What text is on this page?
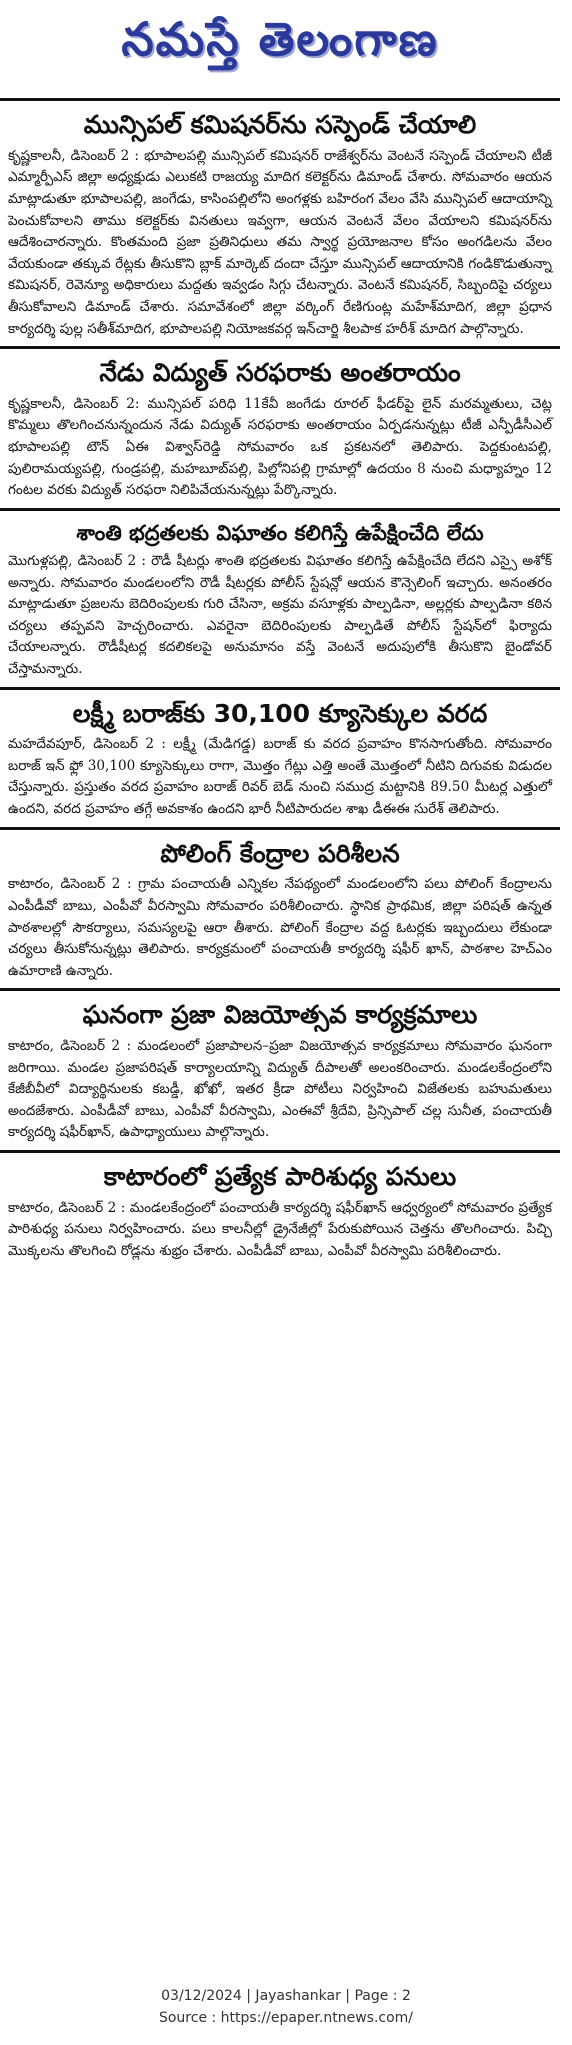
నమస్తే తెలంగాణ
మున్సిపల్ కమిషనర్‌ను సస్పెండ్ చేయాలి

కృష్ణకాలనీ, డిసెంబర్ 2 : భూపాలపల్లి మున్సిపల్ కమిషనర్ రాజేశ్వర్‌ను వెంటనే సస్పెండ్ చేయాలని టీజీ ఎమ్మార్పీఎస్ జిల్లా అధ్యక్షుడు ఎలుకటి రాజయ్య మాదిగ కలెక్టర్‌ను డిమాండ్ చేశారు. సోమవారం ఆయన మాట్లాడుతూ భూపాలపల్లి, జంగేడు, కాసింపల్లిలోని అంగళ్లకు బహిరంగ వేలం వేసి మున్సిపల్ ఆదాయాన్ని పెంచుకోవాలని తాము కలెక్టర్‌కు వినతులు ఇవ్వగా, ఆయన వెంటనే వేలం వేయాలని కమిషనర్‌ను ఆదేశించారన్నారు. కొంతమంది ప్రజా ప్రతినిధులు తమ స్వార్థ ప్రయోజనాల కోసం అంగడిలను వేలం వేయకుండా తక్కువ రేట్లకు తీసుకొని బ్లాక్ మార్కెట్ దందా చేస్తూ మున్సిపల్ ఆదాయానికి గండికొడుతున్నా కమిషనర్, రెవెన్యూ అధికారులు మద్దతు ఇవ్వడం సిగ్గు చేటన్నారు. వెంటనే కమిషనర్, సిబ్బందిపై చర్యలు తీసుకోవాలని డిమాండ్ చేశారు. సమావేశంలో జిల్లా వర్కింగ్ రేణిగుంట్ల మహేశ్‌మాదిగ, జిల్లా ప్రధాన కార్యదర్శి పుల్ల సతీశ్‌మాదిగ, భూపాలపల్లి నియోజకవర్గ ఇన్‌చార్జి శీలపాక హరీశ్ మాదిగ పాల్గొన్నారు.

నేడు విద్యుత్ సరఫరాకు అంతరాయం

కృష్ణకాలనీ, డిసెంబర్ 2: మున్సిపల్ పరిధి 11కేవీ జంగేడు రూరల్ ఫీడర్‌పై లైన్ మరమ్మతులు, చెట్ల కొమ్మలు తొలగించనున్నందున నేడు విద్యుత్ సరఫరాకు అంతరాయం ఏర్పడనున్నట్లు టీజీ ఎన్పీడీసీఎల్ భూపాలపల్లి టౌన్ ఏఈ విశ్వాస్‌రెడ్డి సోమవారం ఒక ప్రకటనలో తెలిపారు. పెద్దకుంటపల్లి, పులిరామయ్యపల్లి, గుండ్రపల్లి, మహబూబ్‌పల్లి, పిల్లోనిపల్లి గ్రామాల్లో ఉదయం 8 నుంచి మధ్యాహ్నం 12 గంటల వరకు విద్యుత్ సరఫరా నిలిపివేయనున్నట్లు పేర్కొన్నారు.

శాంతి భద్రతలకు విఘాతం కలిగిస్తే ఉపేక్షించేది లేదు

మొగుళ్లపల్లి, డిసెంబర్ 2 : రౌడీ షీటర్లు శాంతి భద్రతలకు విఘాతం కలిగిస్తే ఉపేక్షించేది లేదని ఎస్సై అశోక్ అన్నారు. సోమవారం మండలంలోని రౌడీ షీటర్లకు పోలీస్ స్టేషన్లో ఆయన కౌన్సెలింగ్ ఇచ్చారు. అనంతరం మాట్లాడుతూ ప్రజలను బెదిరింపులకు గురి చేసినా, అక్రమ వసూళ్లకు పాల్పడినా, అల్లర్లకు పాల్పడినా కఠిన చర్యలు తప్పవని హెచ్చరించారు. ఎవరైనా బెదిరింపులకు పాల్పడితే పోలీస్ స్టేషన్‌లో ఫిర్యాదు చేయాలన్నారు. రౌడీషీటర్ల కదలికలపై అనుమానం వస్తే వెంటనే అదుపులోకి తీసుకొని బైండోవర్ చేస్తామన్నారు.

లక్ష్మీ బరాజ్‌కు 30,100 క్యూసెక్కుల వరద

మహదేవపూర్, డిసెంబర్ 2 : లక్ష్మీ (మేడిగడ్డ) బరాజ్ కు వరద ప్రవాహం కొనసాగుతోంది. సోమవారం బరాజ్ ఇన్ ఫ్లో 30,100 క్యూసెక్కులు రాగా, మొత్తం గేట్లు ఎత్తి అంతే మొత్తంలో నీటిని దిగువకు విడుదల చేస్తున్నారు. ప్రస్తుతం వరద ప్రవాహం బరాజ్ రివర్ బెడ్ నుంచి సముద్ర మట్టానికి 89.50 మీటర్ల ఎత్తులో ఉందని, వరద ప్రవాహం తగ్గే అవకాశం ఉందని భారీ నీటిపారుదల శాఖ డీఈఈ సురేశ్ తెలిపారు.

పోలింగ్ కేంద్రాల పరిశీలన

కాటారం, డిసెంబర్ 2 : గ్రామ పంచాయతీ ఎన్నికల నేపథ్యంలో మండలంలోని పలు పోలింగ్ కేంద్రాలను ఎంపీడీవో బాబు, ఎంపీవో వీరస్వామి సోమవారం పరిశీలించారు. స్థానిక ప్రాథమిక, జిల్లా పరిషత్ ఉన్నత పాఠశాలల్లో సౌకర్యాలు, సమస్యలపై ఆరా తీశారు. పోలింగ్ కేంద్రాల వద్ద ఓటర్లకు ఇబ్బందులు లేకుండా చర్యలు తీసుకోనున్నట్లు తెలిపారు. కార్యక్రమంలో పంచాయతీ కార్యదర్శి షఫీర్ ఖాన్, పాఠశాల హెచ్‌ఎం ఉమారాణి ఉన్నారు.

ఘనంగా ప్రజా విజయోత్సవ కార్యక్రమాలు

కాటారం, డిసెంబర్ 2 : మండలంలో ప్రజాపాలన–ప్రజా విజయోత్సవ కార్యక్రమాలు సోమవారం ఘనంగా జరిగాయి. మండల ప్రజాపరిషత్ కార్యాలయాన్ని విద్యుత్ దీపాలతో అలంకరించారు. మండలకేంద్రంలోని కేజీబీవీలో విద్యార్థినులకు కబడ్డీ, ఖోఖో, ఇతర క్రీడా పోటీలు నిర్వహించి విజేతలకు బహుమతులు అందజేశారు. ఎంపీడీవో బాబు, ఎంపీవో వీరస్వామి, ఎంఈవో శ్రీదేవి, ప్రిన్సిపాల్ చల్ల సునీత, పంచాయతీ కార్యదర్శి షఫీర్‌ఖాన్, ఉపాధ్యాయులు పాల్గొన్నారు.

కాటారంలో ప్రత్యేక పారిశుధ్య పనులు

కాటారం, డిసెంబర్ 2 : మండలకేంద్రంలో పంచాయతీ కార్యదర్శి షఫీర్‌ఖాన్ ఆధ్వర్యంలో సోమవారం ప్రత్యేక పారిశుధ్య పనులు నిర్వహించారు. పలు కాలనీల్లో డ్రైనేజీల్లో పేరుకుపోయిన చెత్తను తొలగించారు. పిచ్చి మొక్కలను తొలగించి రోడ్లను శుభ్రం చేశారు. ఎంపీడీవో బాబు, ఎంపీవో వీరస్వామి పరిశీలించారు.

03/12/2024 | Jayashankar | Page : 2
Source : https://epaper.ntnews.com/
